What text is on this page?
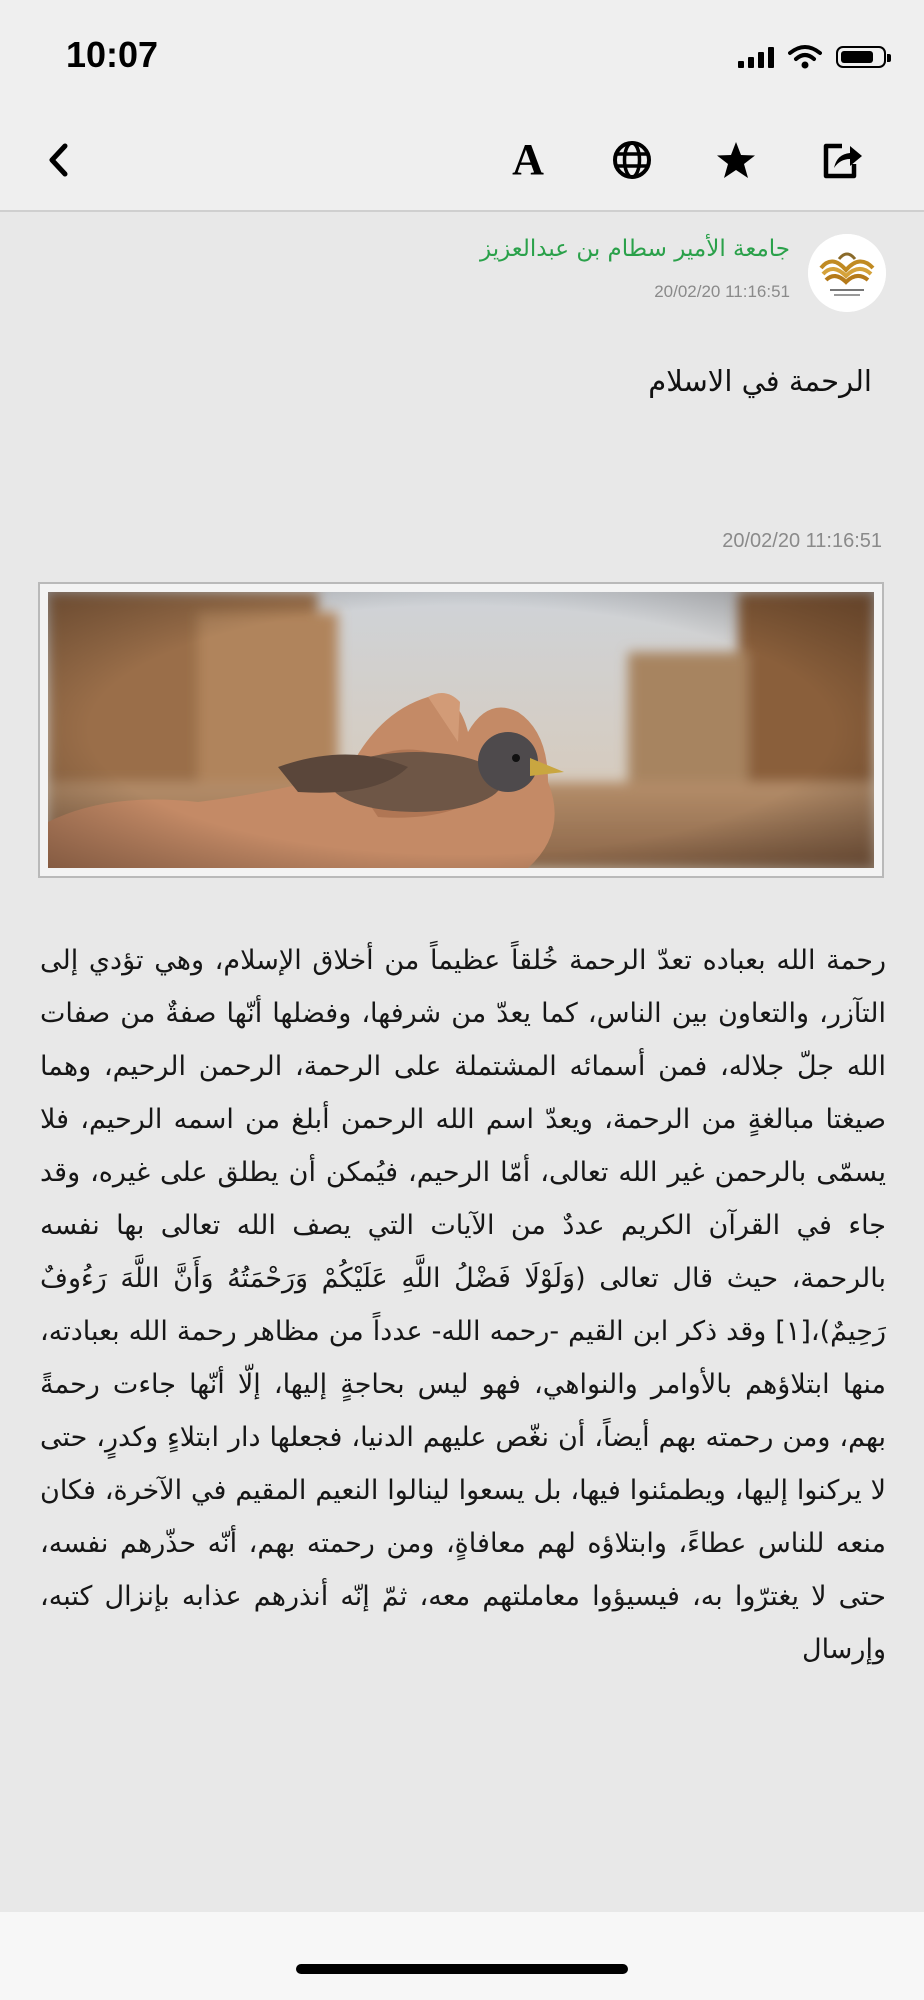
10:07
A
جامعة الأمير سطام بن عبدالعزيز
20/02/20 11:16:51
الرحمة في الاسلام
20/02/20 11:16:51

رحمة الله بعباده تعدّ الرحمة خُلقاً عظيماً من أخلاق الإسلام، وهي تؤدي إلى التآزر، والتعاون بين الناس، كما يعدّ من شرفها، وفضلها أنّها صفةٌ من صفات الله جلّ جلاله، فمن أسمائه المشتملة على الرحمة، الرحمن الرحيم، وهما صيغتا مبالغةٍ من الرحمة، ويعدّ اسم الله الرحمن أبلغ من اسمه الرحيم، فلا يسمّى بالرحمن غير الله تعالى، أمّا الرحيم، فيُمكن أن يطلق على غيره، وقد جاء في القرآن الكريم عددٌ من الآيات التي يصف الله تعالى بها نفسه بالرحمة، حيث قال تعالى (وَلَوْلَا فَضْلُ اللَّهِ عَلَيْكُمْ وَرَحْمَتُهُ وَأَنَّ اللَّهَ رَءُوفٌ رَحِيمٌ)،[١] وقد ذكر ابن القيم -رحمه الله- عدداً من مظاهر رحمة الله بعبادته، منها ابتلاؤهم بالأوامر والنواهي، فهو ليس بحاجةٍ إليها، إلّا أنّها جاءت رحمةً بهم، ومن رحمته بهم أيضاً، أن نغّص عليهم الدنيا، فجعلها دار ابتلاءٍ وكدرٍ، حتى لا يركنوا إليها، ويطمئنوا فيها، بل يسعوا لينالوا النعيم المقيم في الآخرة، فكان منعه للناس عطاءً، وابتلاؤه لهم معافاةٍ، ومن رحمته بهم، أنّه حذّرهم نفسه، حتى لا يغترّوا به، فيسيؤوا معاملتهم معه، ثمّ إنّه أنذرهم عذابه بإنزال كتبه، وإرسال
